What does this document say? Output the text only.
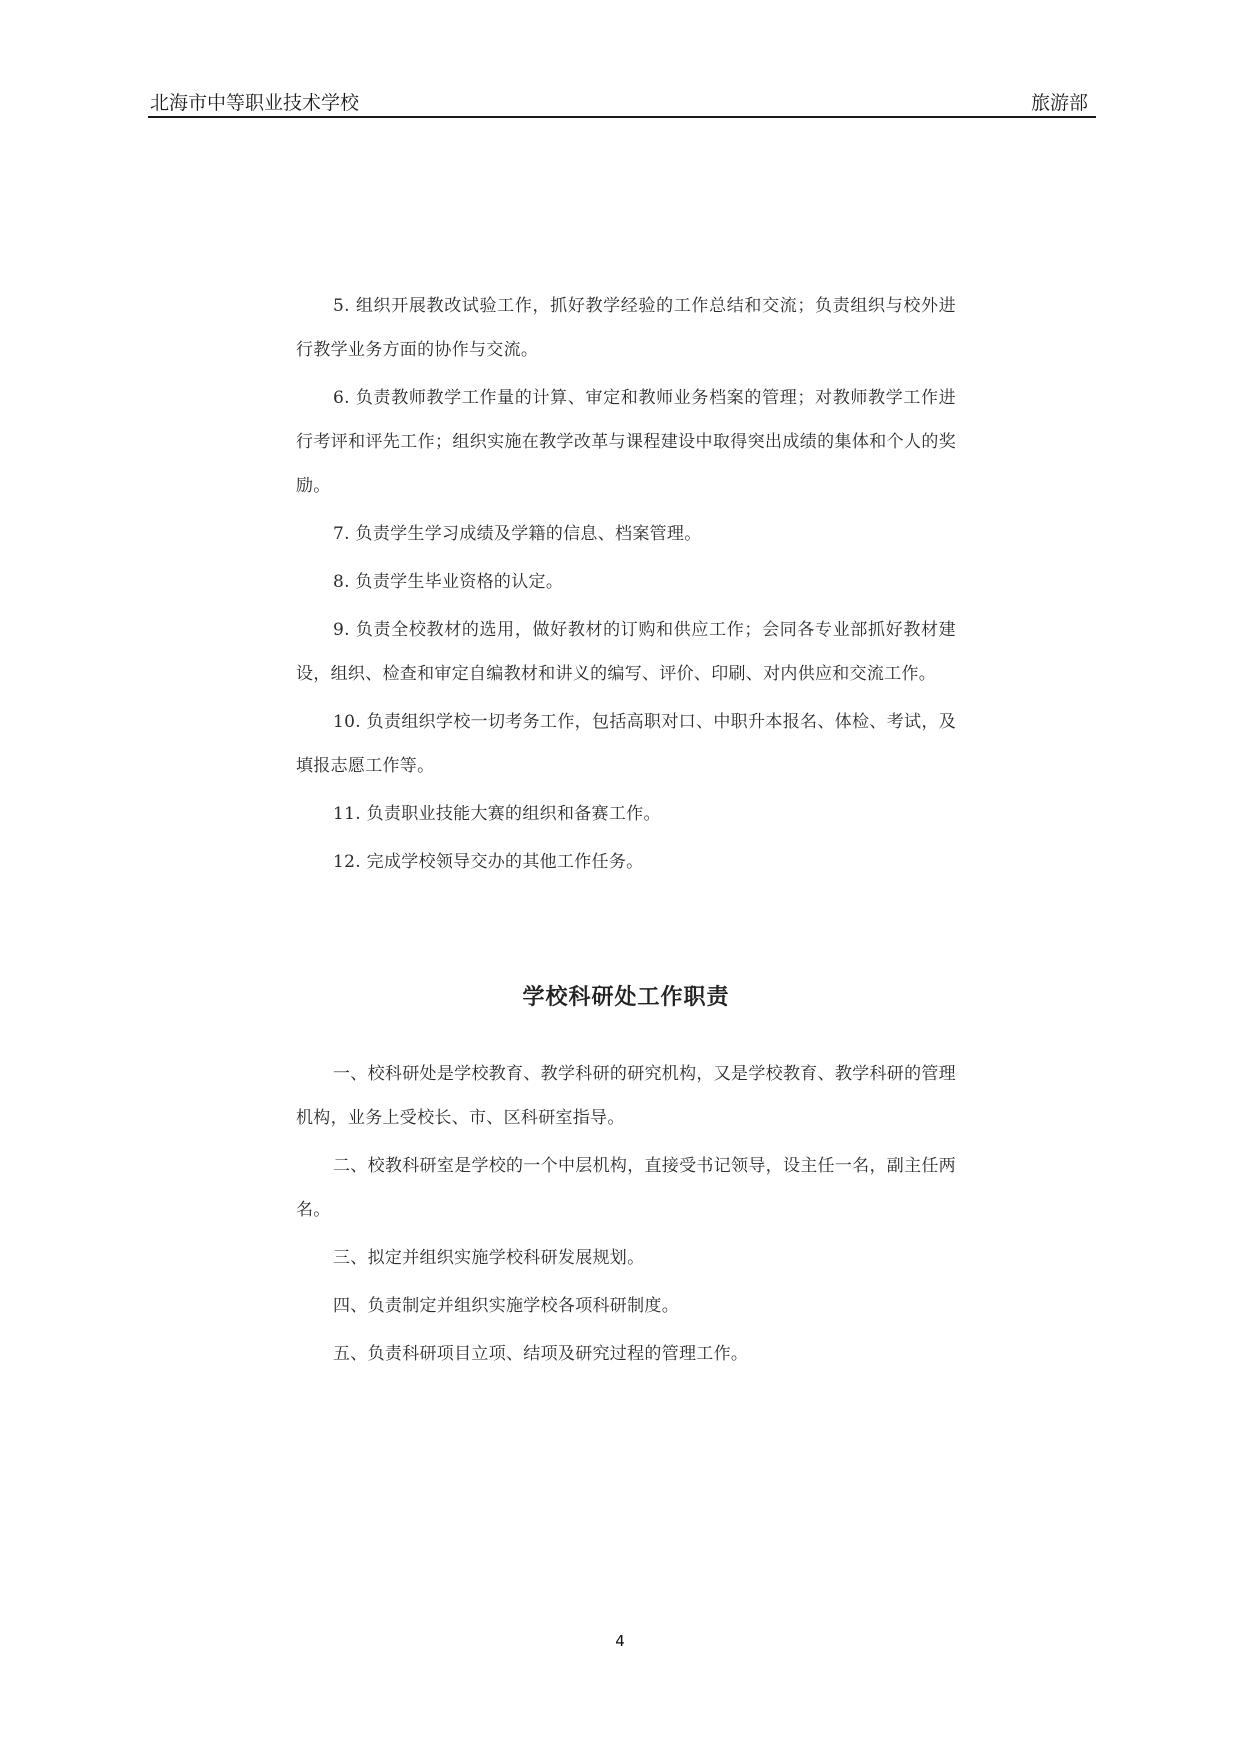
北海市中等职业技术学校	旅游部

5. 组织开展教改试验工作，抓好教学经验的工作总结和交流；负责组织与校外进行教学业务方面的协作与交流。

6. 负责教师教学工作量的计算、审定和教师业务档案的管理；对教师教学工作进行考评和评先工作；组织实施在教学改革与课程建设中取得突出成绩的集体和个人的奖励。

7. 负责学生学习成绩及学籍的信息、档案管理。

8. 负责学生毕业资格的认定。

9. 负责全校教材的选用，做好教材的订购和供应工作；会同各专业部抓好教材建设，组织、检查和审定自编教材和讲义的编写、评价、印刷、对内供应和交流工作。

10. 负责组织学校一切考务工作，包括高职对口、中职升本报名、体检、考试，及填报志愿工作等。

11. 负责职业技能大赛的组织和备赛工作。

12. 完成学校领导交办的其他工作任务。

学校科研处工作职责

一、校科研处是学校教育、教学科研的研究机构，又是学校教育、教学科研的管理机构，业务上受校长、市、区科研室指导。

二、校教科研室是学校的一个中层机构，直接受书记领导，设主任一名，副主任两名。

三、拟定并组织实施学校科研发展规划。

四、负责制定并组织实施学校各项科研制度。

五、负责科研项目立项、结项及研究过程的管理工作。

4
